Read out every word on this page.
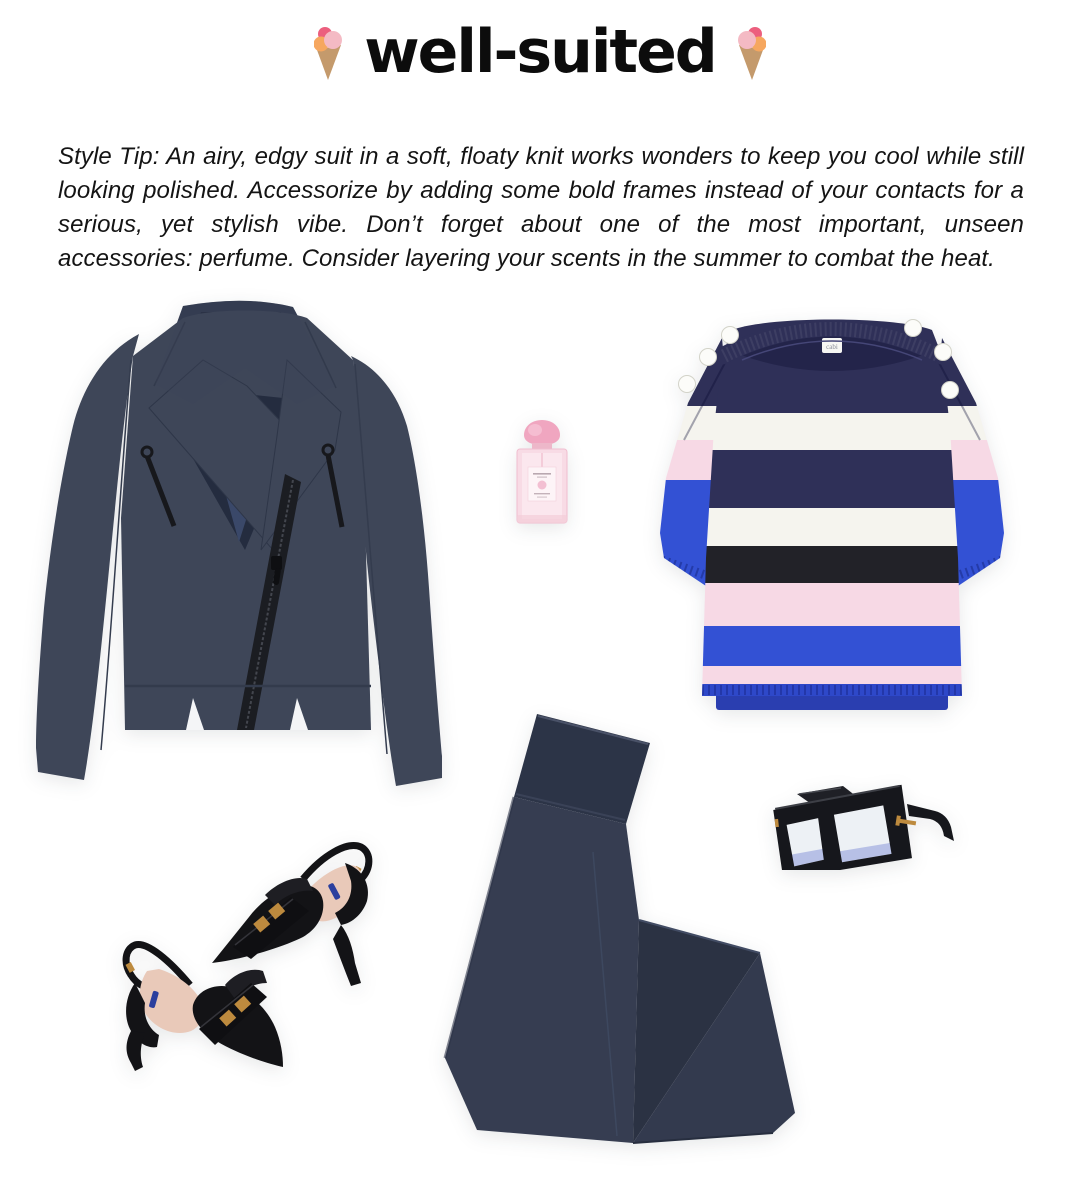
well-suited

Style Tip: An airy, edgy suit in a soft, floaty knit works wonders to keep you cool while still looking polished. Accessorize by adding some bold frames instead of your contacts for a serious, yet stylish vibe. Don’t forget about one of the most important, unseen accessories: perfume. Consider layering your scents in the summer to combat the heat.

cabi
